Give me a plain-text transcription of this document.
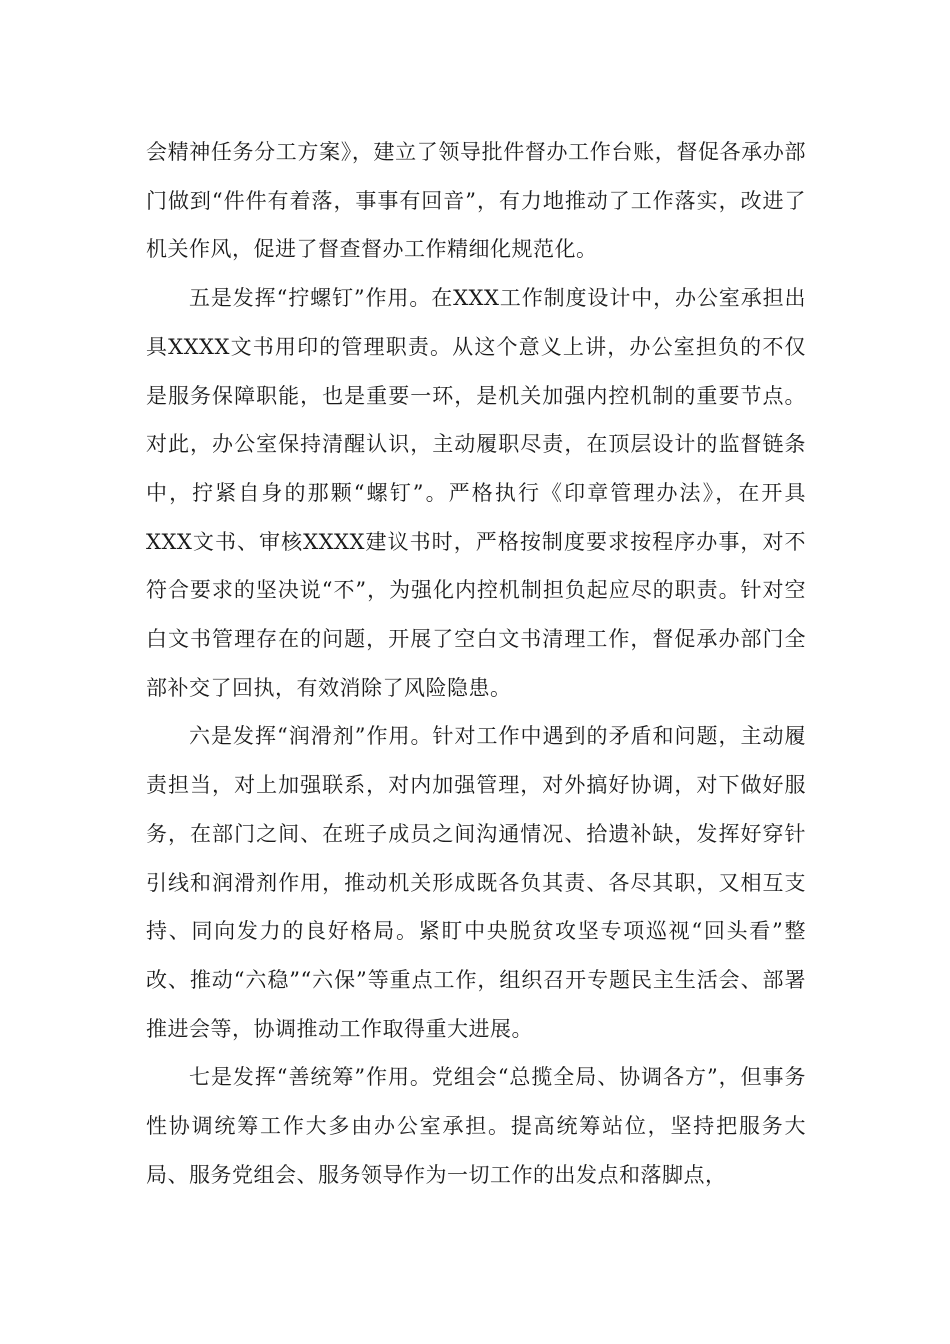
会精神任务分工方案》，建立了领导批件督办工作台账，督促各承办部门做到“件件有着落，事事有回音”，有力地推动了工作落实，改进了机关作风，促进了督查督办工作精细化规范化。

五是发挥“拧螺钉”作用。在XXX工作制度设计中，办公室承担出具XXXX文书用印的管理职责。从这个意义上讲，办公室担负的不仅是服务保障职能，也是重要一环，是机关加强内控机制的重要节点。对此，办公室保持清醒认识，主动履职尽责，在顶层设计的监督链条中，拧紧自身的那颗“螺钉”。严格执行《印章管理办法》，在开具XXX文书、审核XXXX建议书时，严格按制度要求按程序办事，对不符合要求的坚决说“不”，为强化内控机制担负起应尽的职责。针对空白文书管理存在的问题，开展了空白文书清理工作，督促承办部门全部补交了回执，有效消除了风险隐患。

六是发挥“润滑剂”作用。针对工作中遇到的矛盾和问题，主动履责担当，对上加强联系，对内加强管理，对外搞好协调，对下做好服务，在部门之间、在班子成员之间沟通情况、拾遗补缺，发挥好穿针引线和润滑剂作用，推动机关形成既各负其责、各尽其职，又相互支持、同向发力的良好格局。紧盯中央脱贫攻坚专项巡视“回头看”整改、推动“六稳”“六保”等重点工作，组织召开专题民主生活会、部署推进会等，协调推动工作取得重大进展。

七是发挥“善统筹”作用。党组会“总揽全局、协调各方”，但事务性协调统筹工作大多由办公室承担。提高统筹站位，坚持把服务大局、服务党组会、服务领导作为一切工作的出发点和落脚点，
